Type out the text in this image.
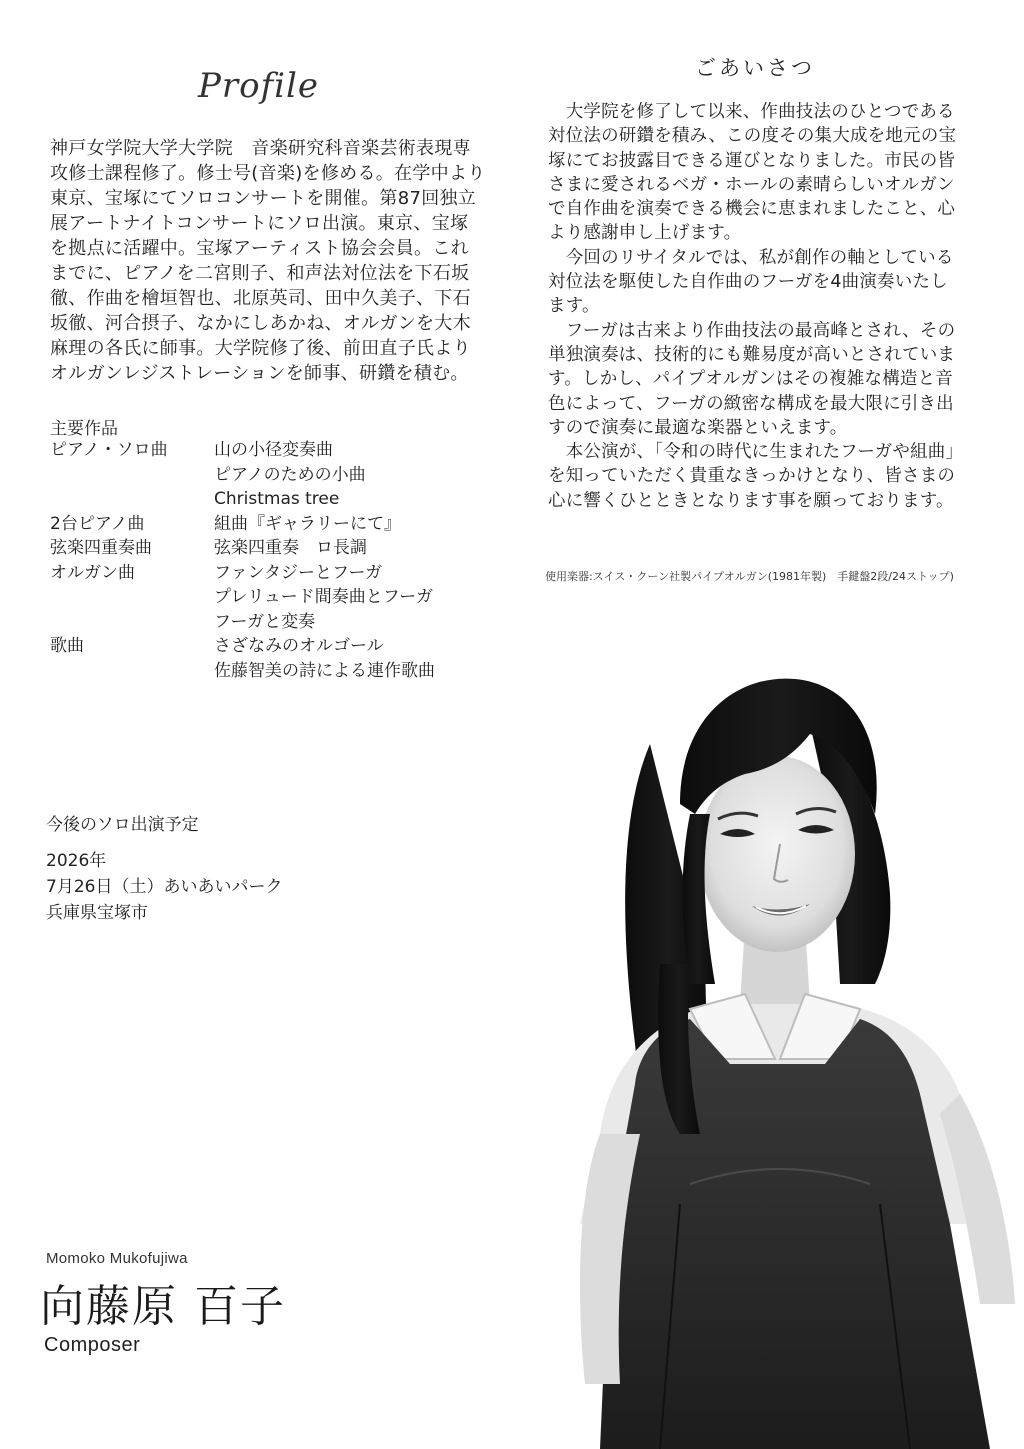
Profile
神戸女学院大学大学院　音楽研究科音楽芸術表現専
攻修士課程修了。修士号(音楽)を修める。在学中より
東京、宝塚にてソロコンサートを開催。第87回独立
展アートナイトコンサートにソロ出演。東京、宝塚
を拠点に活躍中。宝塚アーティスト協会会員。これ
までに、ピアノを二宮則子、和声法対位法を下石坂
徹、作曲を檜垣智也、北原英司、田中久美子、下石
坂徹、河合摂子、なかにしあかね、オルガンを大木
麻理の各氏に師事。大学院修了後、前田直子氏より
オルガンレジストレーションを師事、研鑽を積む。
主要作品
ピアノ・ソロ曲	山の小径変奏曲
ピアノのための小曲
Christmas tree
2台ピアノ曲	組曲『ギャラリーにて』
弦楽四重奏曲	弦楽四重奏　ロ長調
オルガン曲	ファンタジーとフーガ
プレリュード間奏曲とフーガ
フーガと変奏
歌曲	さざなみのオルゴール
佐藤智美の詩による連作歌曲
今後のソロ出演予定
2026年
7月26日（土）あいあいパーク
兵庫県宝塚市
ごあいさつ
　大学院を修了して以来、作曲技法のひとつである
対位法の研鑽を積み、この度その集大成を地元の宝
塚にてお披露目できる運びとなりました。市民の皆
さまに愛されるベガ・ホールの素晴らしいオルガン
で自作曲を演奏できる機会に恵まれましたこと、心
より感謝申し上げます。
　今回のリサイタルでは、私が創作の軸としている
対位法を駆使した自作曲のフーガを4曲演奏いたし
ます。
　フーガは古来より作曲技法の最高峰とされ、その
単独演奏は、技術的にも難易度が高いとされていま
す。しかし、パイプオルガンはその複雑な構造と音
色によって、フーガの緻密な構成を最大限に引き出
すので演奏に最適な楽器といえます。
　本公演が、「令和の時代に生まれたフーガや組曲」
を知っていただく貴重なきっかけとなり、皆さまの
心に響くひとときとなります事を願っております。
使用楽器:スイス・クーン社製パイプオルガン(1981年製)　手鍵盤2段/24ストップ)
Momoko Mukofujiwa
向藤原 百子
Composer
